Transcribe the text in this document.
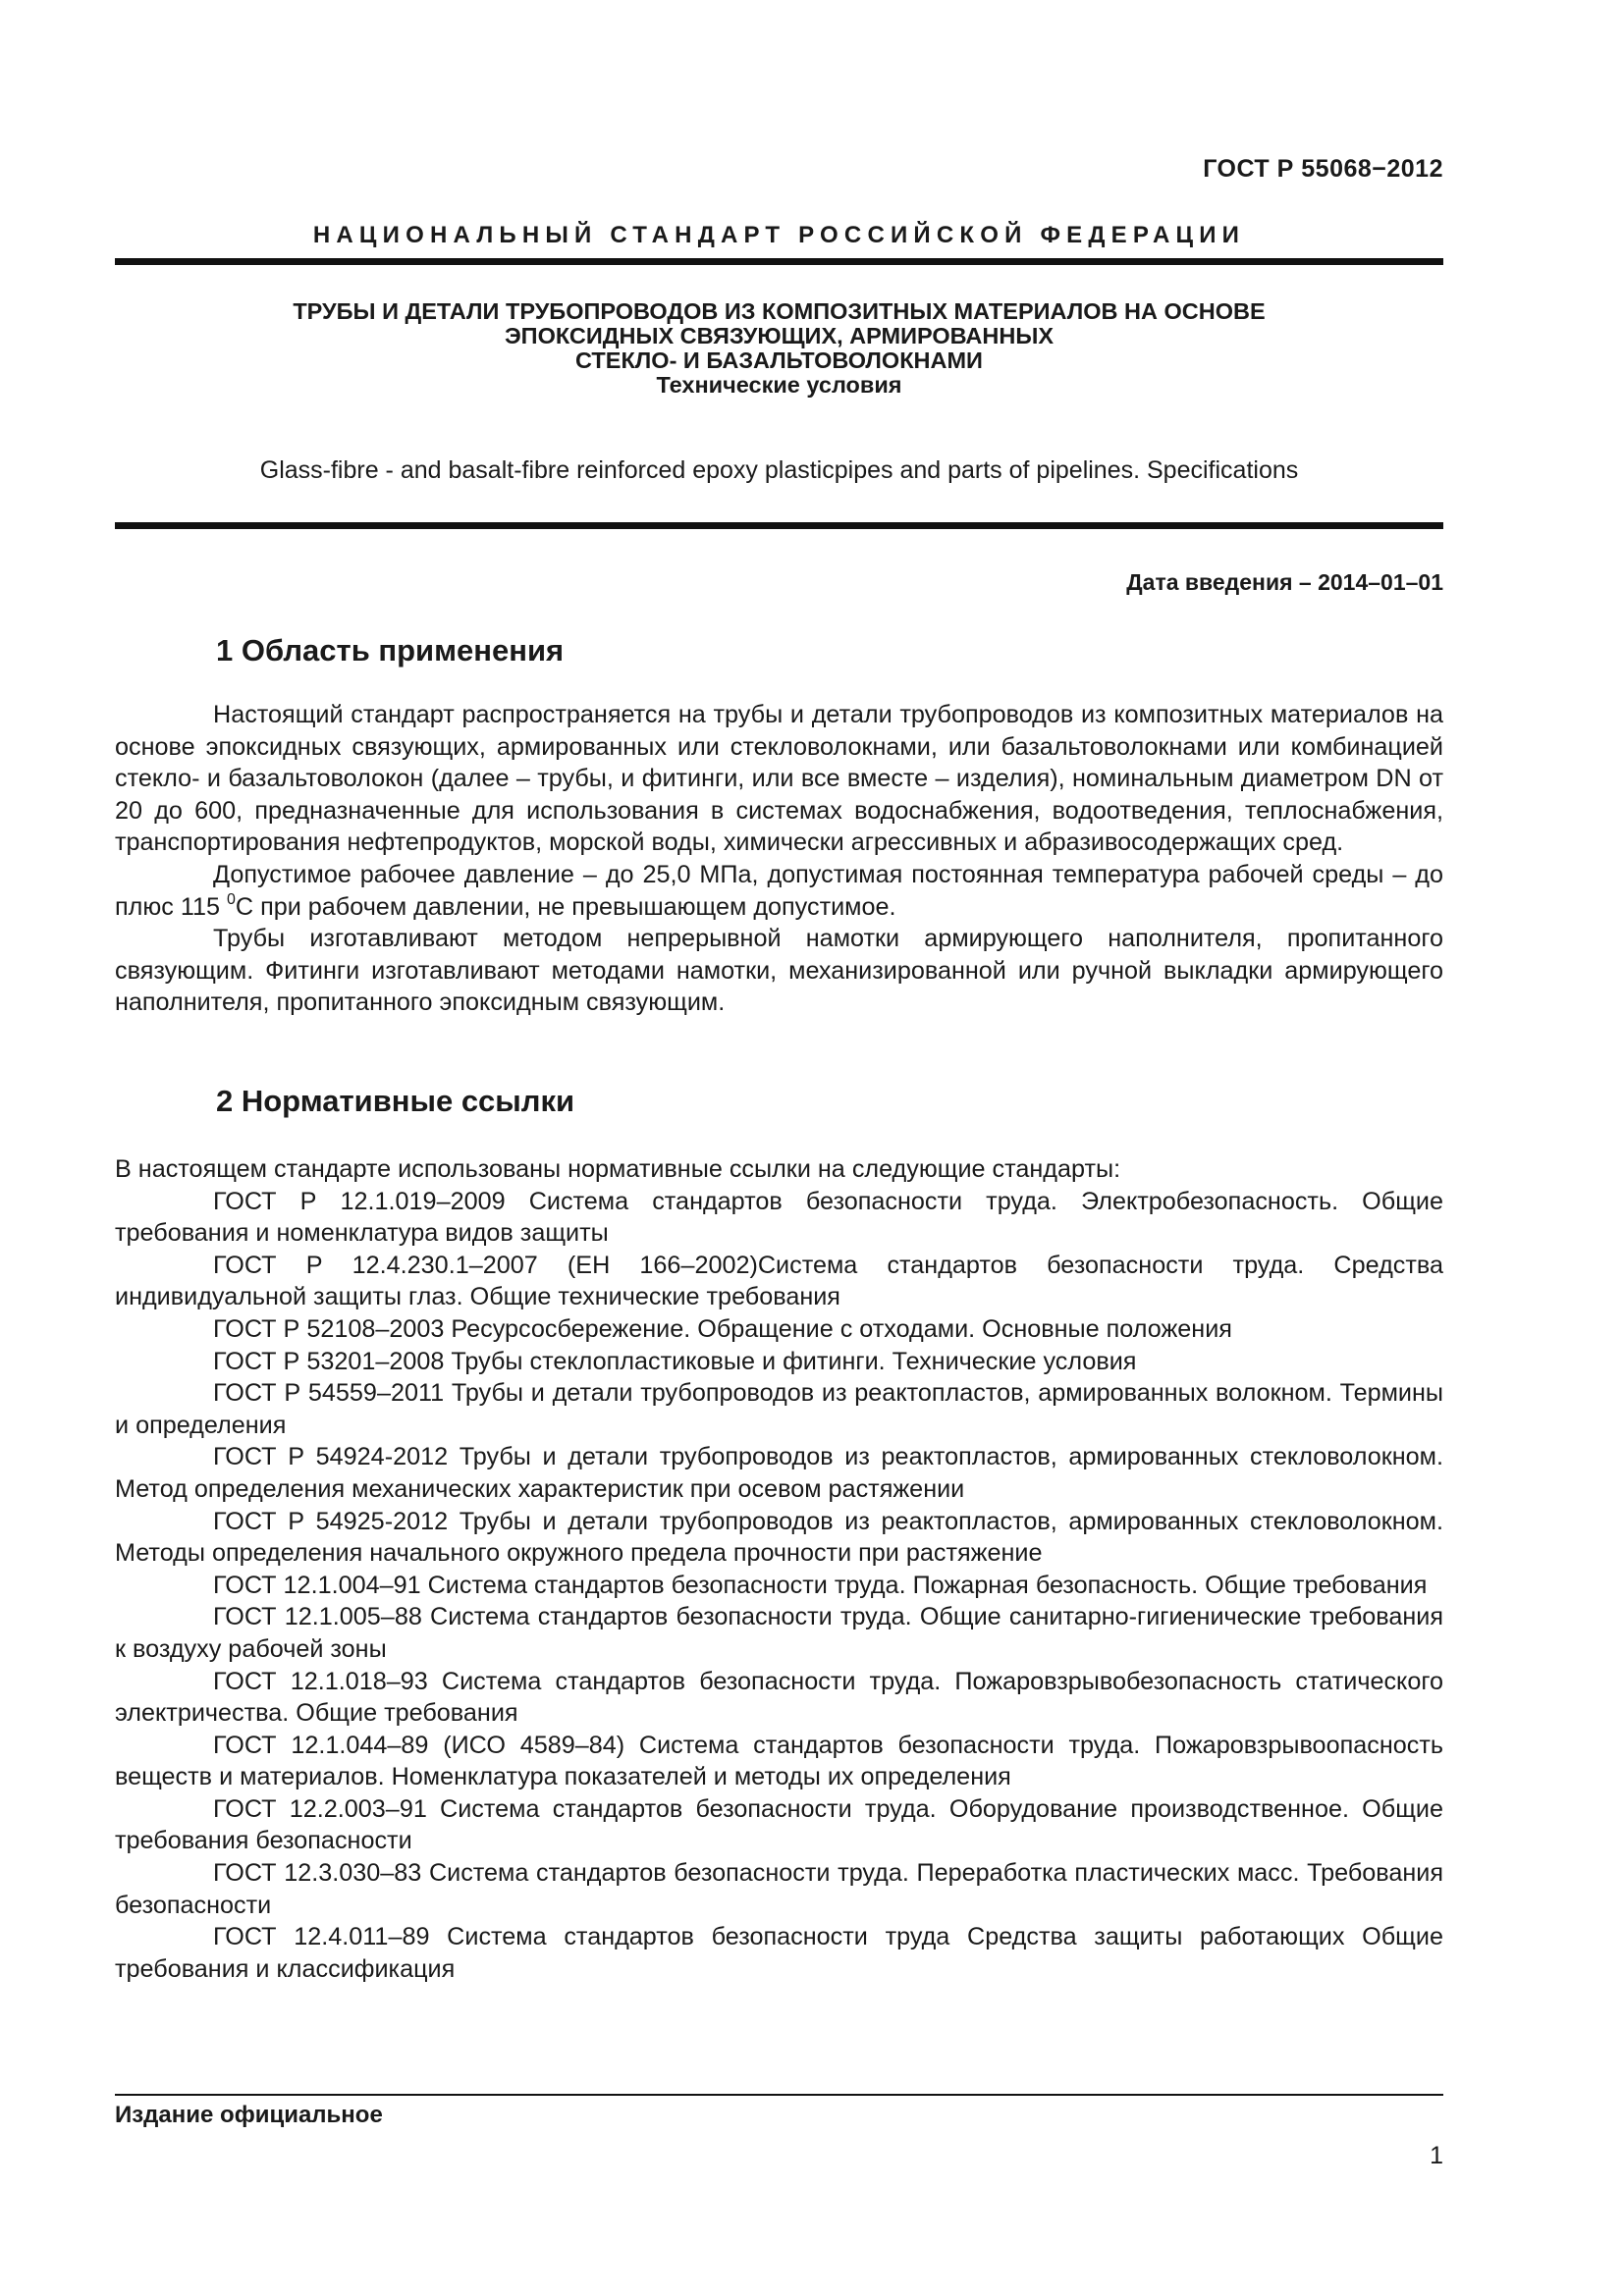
ГОСТ Р 55068−2012
НАЦИОНАЛЬНЫЙ СТАНДАРТ РОССИЙСКОЙ ФЕДЕРАЦИИ
ТРУБЫ И ДЕТАЛИ ТРУБОПРОВОДОВ ИЗ КОМПОЗИТНЫХ МАТЕРИАЛОВ НА ОСНОВЕ
ЭПОКСИДНЫХ СВЯЗУЮЩИХ, АРМИРОВАННЫХ
СТЕКЛО- И БАЗАЛЬТОВОЛОКНАМИ
Технические условия
Glass-fibre - and basalt-fibre reinforced epoxy plasticpipes and parts of pipelines. Specifications
Дата введения – 2014–01–01
1 Область применения

Настоящий стандарт распространяется на трубы и детали трубопроводов из композитных материалов на основе эпоксидных связующих, армированных или стекловолокнами, или базальтоволокнами или комбинацией стекло- и базальтоволокон (далее – трубы, и фитинги, или все вместе – изделия), номинальным диаметром DN от 20 до 600, предназначенные для использования в системах водоснабжения, водоотведения, теплоснабжения, транспортирования нефтепродуктов, морской воды, химически агрессивных и абразивосодержащих сред.

Допустимое рабочее давление – до 25,0 МПа, допустимая постоянная температура рабочей среды – до плюс 115 $^0$С при рабочем давлении, не превышающем допустимое.

Трубы изготавливают методом непрерывной намотки армирующего наполнителя, пропитанного связующим. Фитинги изготавливают методами намотки, механизированной или ручной выкладки армирующего наполнителя, пропитанного эпоксидным связующим.

2 Нормативные ссылки

В настоящем стандарте использованы нормативные ссылки на следующие стандарты:

ГОСТ Р 12.1.019–2009 Система стандартов безопасности труда. Электробезопасность. Общие требования и номенклатура видов защиты

ГОСТ Р 12.4.230.1–2007 (ЕН 166–2002)Система стандартов безопасности труда. Средства индивидуальной защиты глаз. Общие технические требования

ГОСТ Р 52108–2003 Ресурсосбережение. Обращение с отходами. Основные положения

ГОСТ Р 53201–2008 Трубы стеклопластиковые и фитинги. Технические условия

ГОСТ Р 54559–2011 Трубы и детали трубопроводов из реактопластов, армированных волокном. Термины и определения

ГОСТ Р 54924-2012 Трубы и детали трубопроводов из реактопластов, армированных стекловолокном. Метод определения механических характеристик при осевом растяжении

ГОСТ Р 54925-2012 Трубы и детали трубопроводов из реактопластов, армированных стекловолокном. Методы определения начального окружного предела прочности при растяжение

ГОСТ 12.1.004–91 Система стандартов безопасности труда. Пожарная безопасность. Общие требования

ГОСТ 12.1.005–88 Система стандартов безопасности труда. Общие санитарно-гигиенические требования к воздуху рабочей зоны

ГОСТ 12.1.018–93 Система стандартов безопасности труда. Пожаровзрывобезопасность статического электричества. Общие требования

ГОСТ 12.1.044–89 (ИСО 4589–84) Система стандартов безопасности труда. Пожаровзрывоопасность веществ и материалов. Номенклатура показателей и методы их определения

ГОСТ 12.2.003–91 Система стандартов безопасности труда. Оборудование производственное. Общие требования безопасности

ГОСТ 12.3.030–83 Система стандартов безопасности труда. Переработка пластических масс. Требования безопасности

ГОСТ 12.4.011–89 Система стандартов безопасности труда Средства защиты работающих Общие требования и классификация

Издание официальное
1
